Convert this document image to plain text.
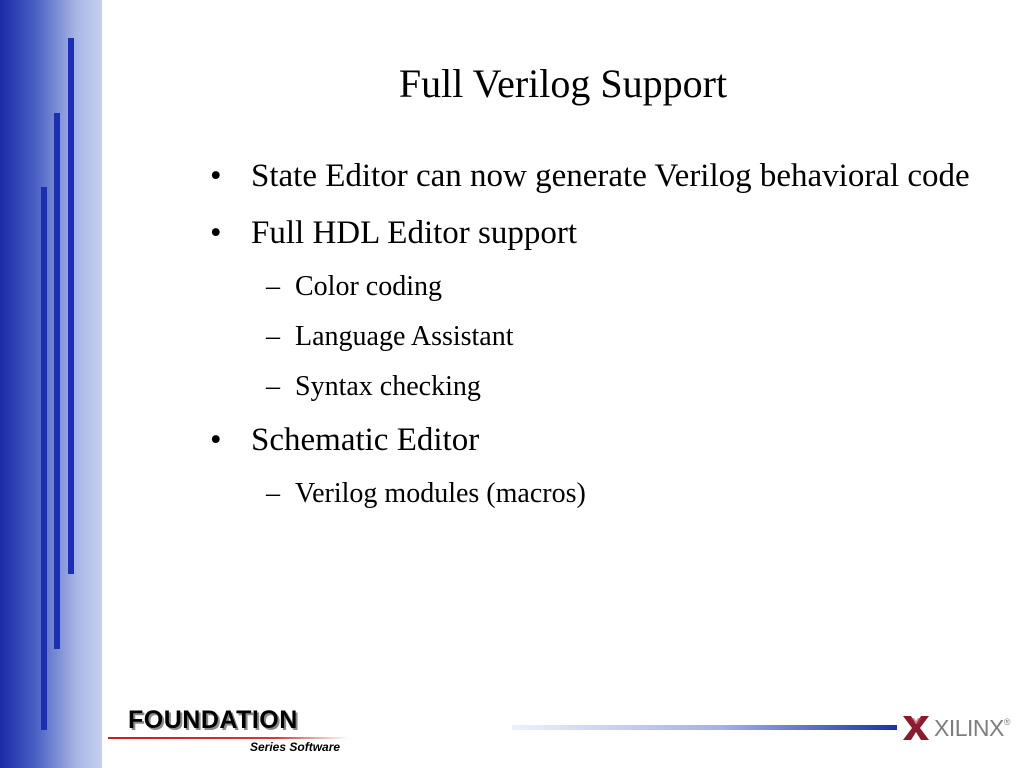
Full Verilog Support
• State Editor can now generate Verilog behavioral code
• Full HDL Editor support
– Color coding
– Language Assistant
– Syntax checking
• Schematic Editor
– Verilog modules (macros)
FOUNDATION
Series Software
XILINX®
